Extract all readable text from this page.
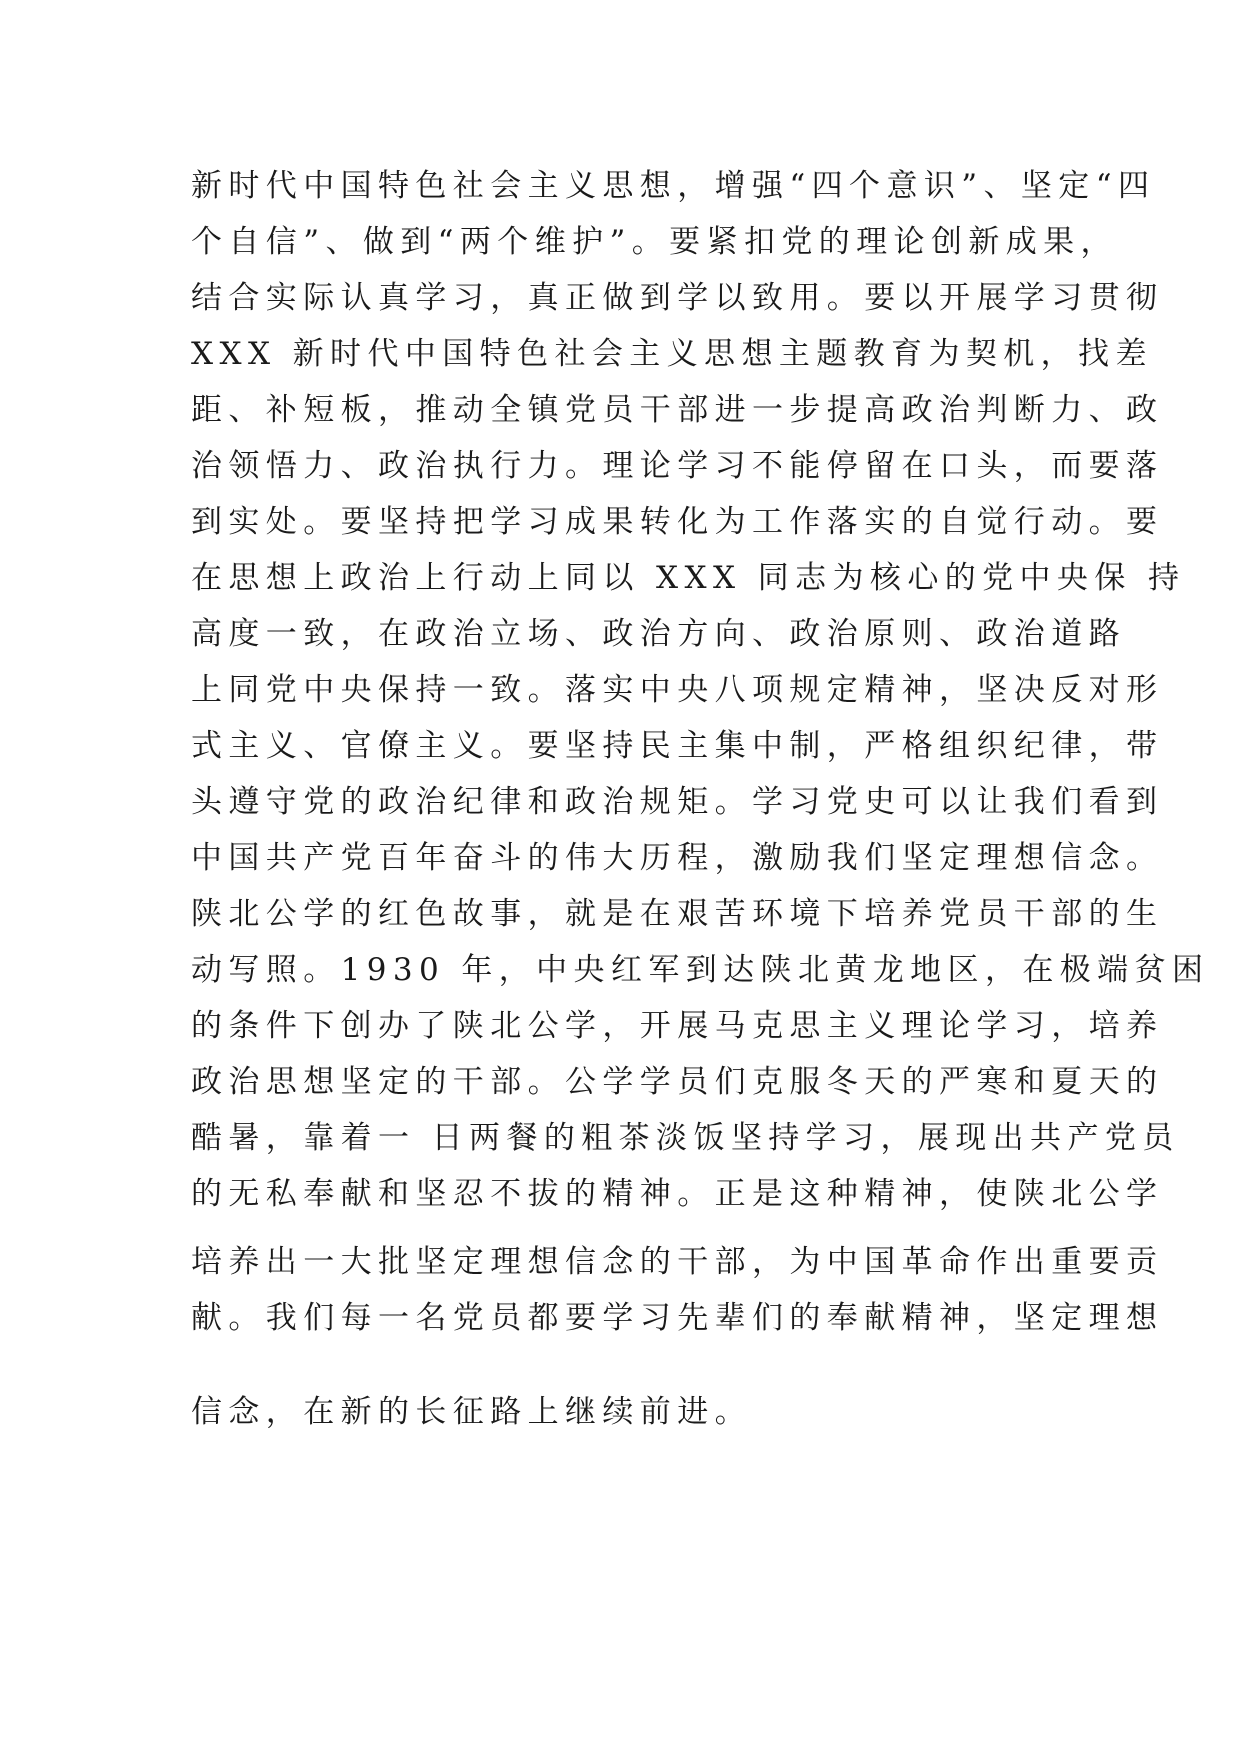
新时代中国特色社会主义思想，增强“四个意识”、坚定“四
个自信”、做到“两个维护”。要紧扣党的理论创新成果，
结合实际认真学习，真正做到学以致用。要以开展学习贯彻
XXX 新时代中国特色社会主义思想主题教育为契机，找差
距、补短板，推动全镇党员干部进一步提高政治判断力、政
治领悟力、政治执行力。理论学习不能停留在口头，而要落
到实处。要坚持把学习成果转化为工作落实的自觉行动。要
在思想上政治上行动上同以 XXX 同志为核心的党中央保 持
高度一致，在政治立场、政治方向、政治原则、政治道路
上同党中央保持一致。落实中央八项规定精神，坚决反对形
式主义、官僚主义。要坚持民主集中制，严格组织纪律，带
头遵守党的政治纪律和政治规矩。学习党史可以让我们看到
中国共产党百年奋斗的伟大历程，激励我们坚定理想信念。
陕北公学的红色故事，就是在艰苦环境下培养党员干部的生
动写照。1930 年，中央红军到达陕北黄龙地区，在极端贫困
的条件下创办了陕北公学，开展马克思主义理论学习，培养
政治思想坚定的干部。公学学员们克服冬天的严寒和夏天的
酷暑，靠着一 日两餐的粗茶淡饭坚持学习，展现出共产党员
的无私奉献和坚忍不拔的精神。正是这种精神，使陕北公学
培养出一大批坚定理想信念的干部，为中国革命作出重要贡
献。我们每一名党员都要学习先辈们的奉献精神，坚定理想
信念，在新的长征路上继续前进。
